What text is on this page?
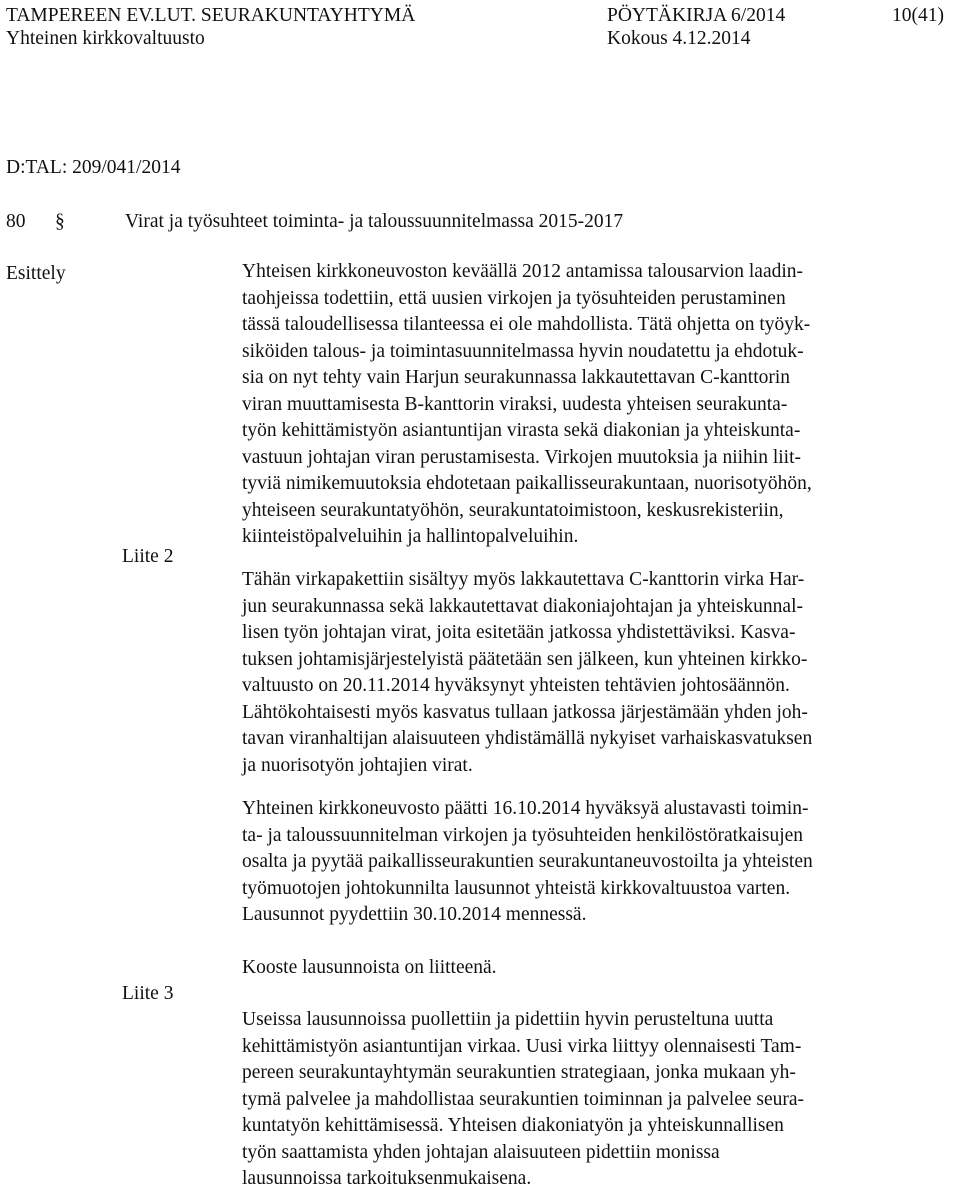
TAMPEREEN EV.LUT. SEURAKUNTAYHTYMÄ	PÖYTÄKIRJA 6/2014	10(41)
Yhteinen kirkkovaltuusto	Kokous 4.12.2014
D:TAL: 209/041/2014
80 §	Virat ja työsuhteet toiminta- ja taloussuunnitelmassa 2015-2017
Esittely
Liite 2
Liite 3
Yhteisen kirkkoneuvoston keväällä 2012 antamissa talousarvion laadin-
taohjeissa todettiin, että uusien virkojen ja työsuhteiden perustaminen
tässä taloudellisessa tilanteessa ei ole mahdollista. Tätä ohjetta on työyk-
siköiden talous- ja toimintasuunnitelmassa hyvin noudatettu ja ehdotuk-
sia on nyt tehty vain Harjun seurakunnassa lakkautettavan C-kanttorin
viran muuttamisesta B-kanttorin viraksi, uudesta yhteisen seurakunta-
työn kehittämistyön asiantuntijan virasta sekä diakonian ja yhteiskunta-
vastuun johtajan viran perustamisesta. Virkojen muutoksia ja niihin liit-
tyviä nimikemuutoksia ehdotetaan paikallisseurakuntaan, nuorisotyöhön,
yhteiseen seurakuntatyöhön, seurakuntatoimistoon, keskusrekisteriin,
kiinteistöpalveluihin ja hallintopalveluihin.
Tähän virkapakettiin sisältyy myös lakkautettava C-kanttorin virka Har-
jun seurakunnassa sekä lakkautettavat diakoniajohtajan ja yhteiskunnal-
lisen työn johtajan virat, joita esitetään jatkossa yhdistettäviksi. Kasva-
tuksen johtamisjärjestelyistä päätetään sen jälkeen, kun yhteinen kirkko-
valtuusto on 20.11.2014 hyväksynyt yhteisten tehtävien johtosäännön.
Lähtökohtaisesti myös kasvatus tullaan jatkossa järjestämään yhden joh-
tavan viranhaltijan alaisuuteen yhdistämällä nykyiset varhaiskasvatuksen
ja nuorisotyön johtajien virat.
Yhteinen kirkkoneuvosto päätti 16.10.2014 hyväksyä alustavasti toimin-
ta- ja taloussuunnitelman virkojen ja työsuhteiden henkilöstöratkaisujen
osalta ja pyytää paikallisseurakuntien seurakuntaneuvostoilta ja yhteisten
työmuotojen johtokunnilta lausunnot yhteistä kirkkovaltuustoa varten.
Lausunnot pyydettiin 30.10.2014 mennessä.
Kooste lausunnoista on liitteenä.
Useissa lausunnoissa puollettiin ja pidettiin hyvin perusteltuna uutta
kehittämistyön asiantuntijan virkaa. Uusi virka liittyy olennaisesti Tam-
pereen seurakuntayhtymän seurakuntien strategiaan, jonka mukaan yh-
tymä palvelee ja mahdollistaa seurakuntien toiminnan ja palvelee seura-
kuntatyön kehittämisessä. Yhteisen diakoniatyön ja yhteiskunnallisen
työn saattamista yhden johtajan alaisuuteen pidettiin monissa
lausunnoissa tarkoituksenmukaisena.
